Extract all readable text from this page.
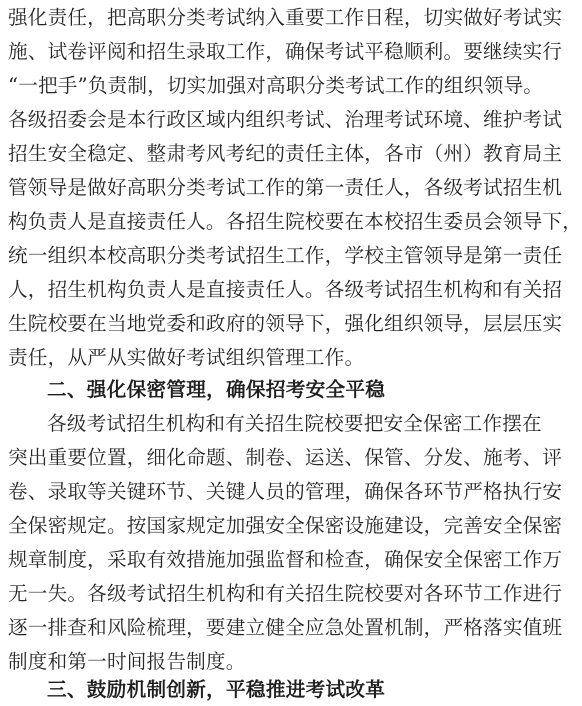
强化责任，把高职分类考试纳入重要工作日程，切实做好考试实
施、试卷评阅和招生录取工作，确保考试平稳顺利。要继续实行
“一把手”负责制，切实加强对高职分类考试工作的组织领导。
各级招委会是本行政区域内组织考试、治理考试环境、维护考试
招生安全稳定、整肃考风考纪的责任主体，各市（州）教育局主
管领导是做好高职分类考试工作的第一责任人，各级考试招生机
构负责人是直接责任人。各招生院校要在本校招生委员会领导下，
统一组织本校高职分类考试招生工作，学校主管领导是第一责任
人，招生机构负责人是直接责任人。各级考试招生机构和有关招
生院校要在当地党委和政府的领导下，强化组织领导，层层压实
责任，从严从实做好考试组织管理工作。
二、强化保密管理，确保招考安全平稳
各级考试招生机构和有关招生院校要把安全保密工作摆在
突出重要位置，细化命题、制卷、运送、保管、分发、施考、评
卷、录取等关键环节、关键人员的管理，确保各环节严格执行安
全保密规定。按国家规定加强安全保密设施建设，完善安全保密
规章制度，采取有效措施加强监督和检查，确保安全保密工作万
无一失。各级考试招生机构和有关招生院校要对各环节工作进行
逐一排查和风险梳理，要建立健全应急处置机制，严格落实值班
制度和第一时间报告制度。
三、鼓励机制创新，平稳推进考试改革
